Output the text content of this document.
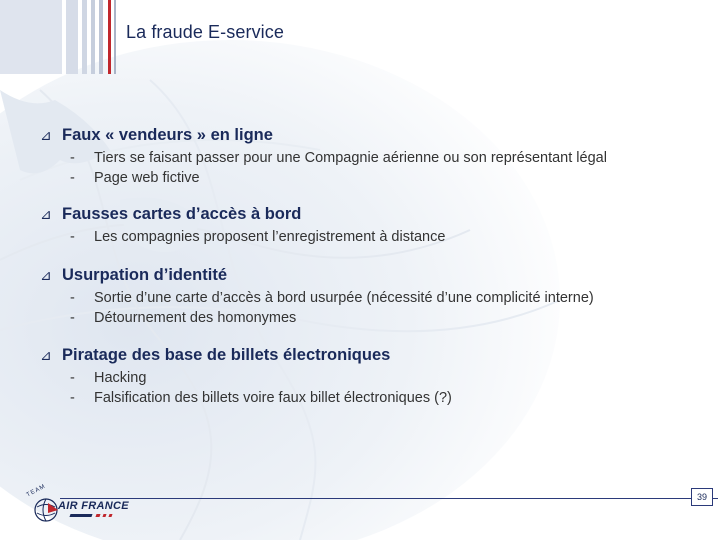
La fraude E-service
⊿ Faux « vendeurs » en ligne
-	Tiers se faisant passer pour une Compagnie aérienne ou son représentant légal
-	Page web fictive
⊿ Fausses cartes d’accès à bord
-	Les compagnies proposent l’enregistrement à distance
⊿ Usurpation d’identité
-	Sortie d’une carte d’accès à bord usurpée (nécessité d’une complicité interne)
-	Détournement des homonymes
⊿ Piratage des base de billets électroniques
-	Hacking
-	Falsification des billets voire faux billet électroniques (?)
39
TEAM
AIR FRANCE
